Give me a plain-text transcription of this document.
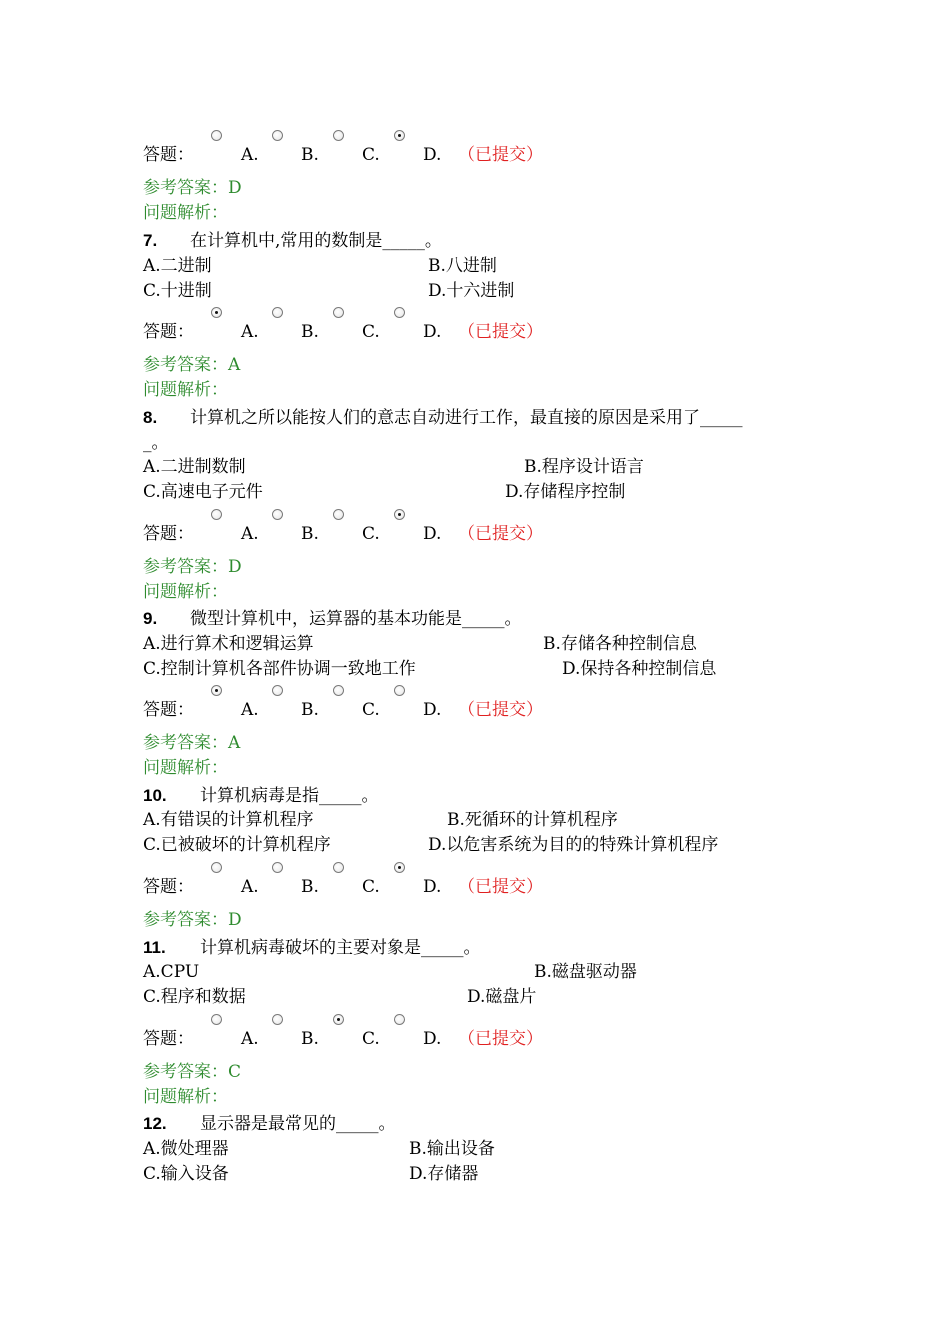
答题：	A. B.	C.	D. （已提交）
参考答案：D
问题解析：
7. 在计算机中,常用的数制是_____。
A.二进制	B.八进制
C.十进制	D.十六进制
答题：	A. B.	C.	D. （已提交）
参考答案：A
问题解析：
8. 计算机之所以能按人们的意志自动进行工作，最直接的原因是采用了_____
_。
A.二进制数制	B.程序设计语言
C.高速电子元件	D.存储程序控制
答题：	A. B.	C.	D. （已提交）
参考答案：D
问题解析：
9. 微型计算机中，运算器的基本功能是_____。
A.进行算术和逻辑运算	B.存储各种控制信息
C.控制计算机各部件协调一致地工作	D.保持各种控制信息
答题：	A. B.	C.	D. （已提交）
参考答案：A
问题解析：
10. 计算机病毒是指_____。
A.有错误的计算机程序	B.死循环的计算机程序
C.已被破坏的计算机程序	D.以危害系统为目的的特殊计算机程序
答题：	A. B.	C.	D. （已提交）
参考答案：D
11. 计算机病毒破坏的主要对象是_____。
A.CPU	B.磁盘驱动器
C.程序和数据	D.磁盘片
答题：	A. B.	C.	D. （已提交）
参考答案：C
问题解析：
12. 显示器是最常见的_____。
A.微处理器	B.输出设备
C.输入设备	D.存储器
